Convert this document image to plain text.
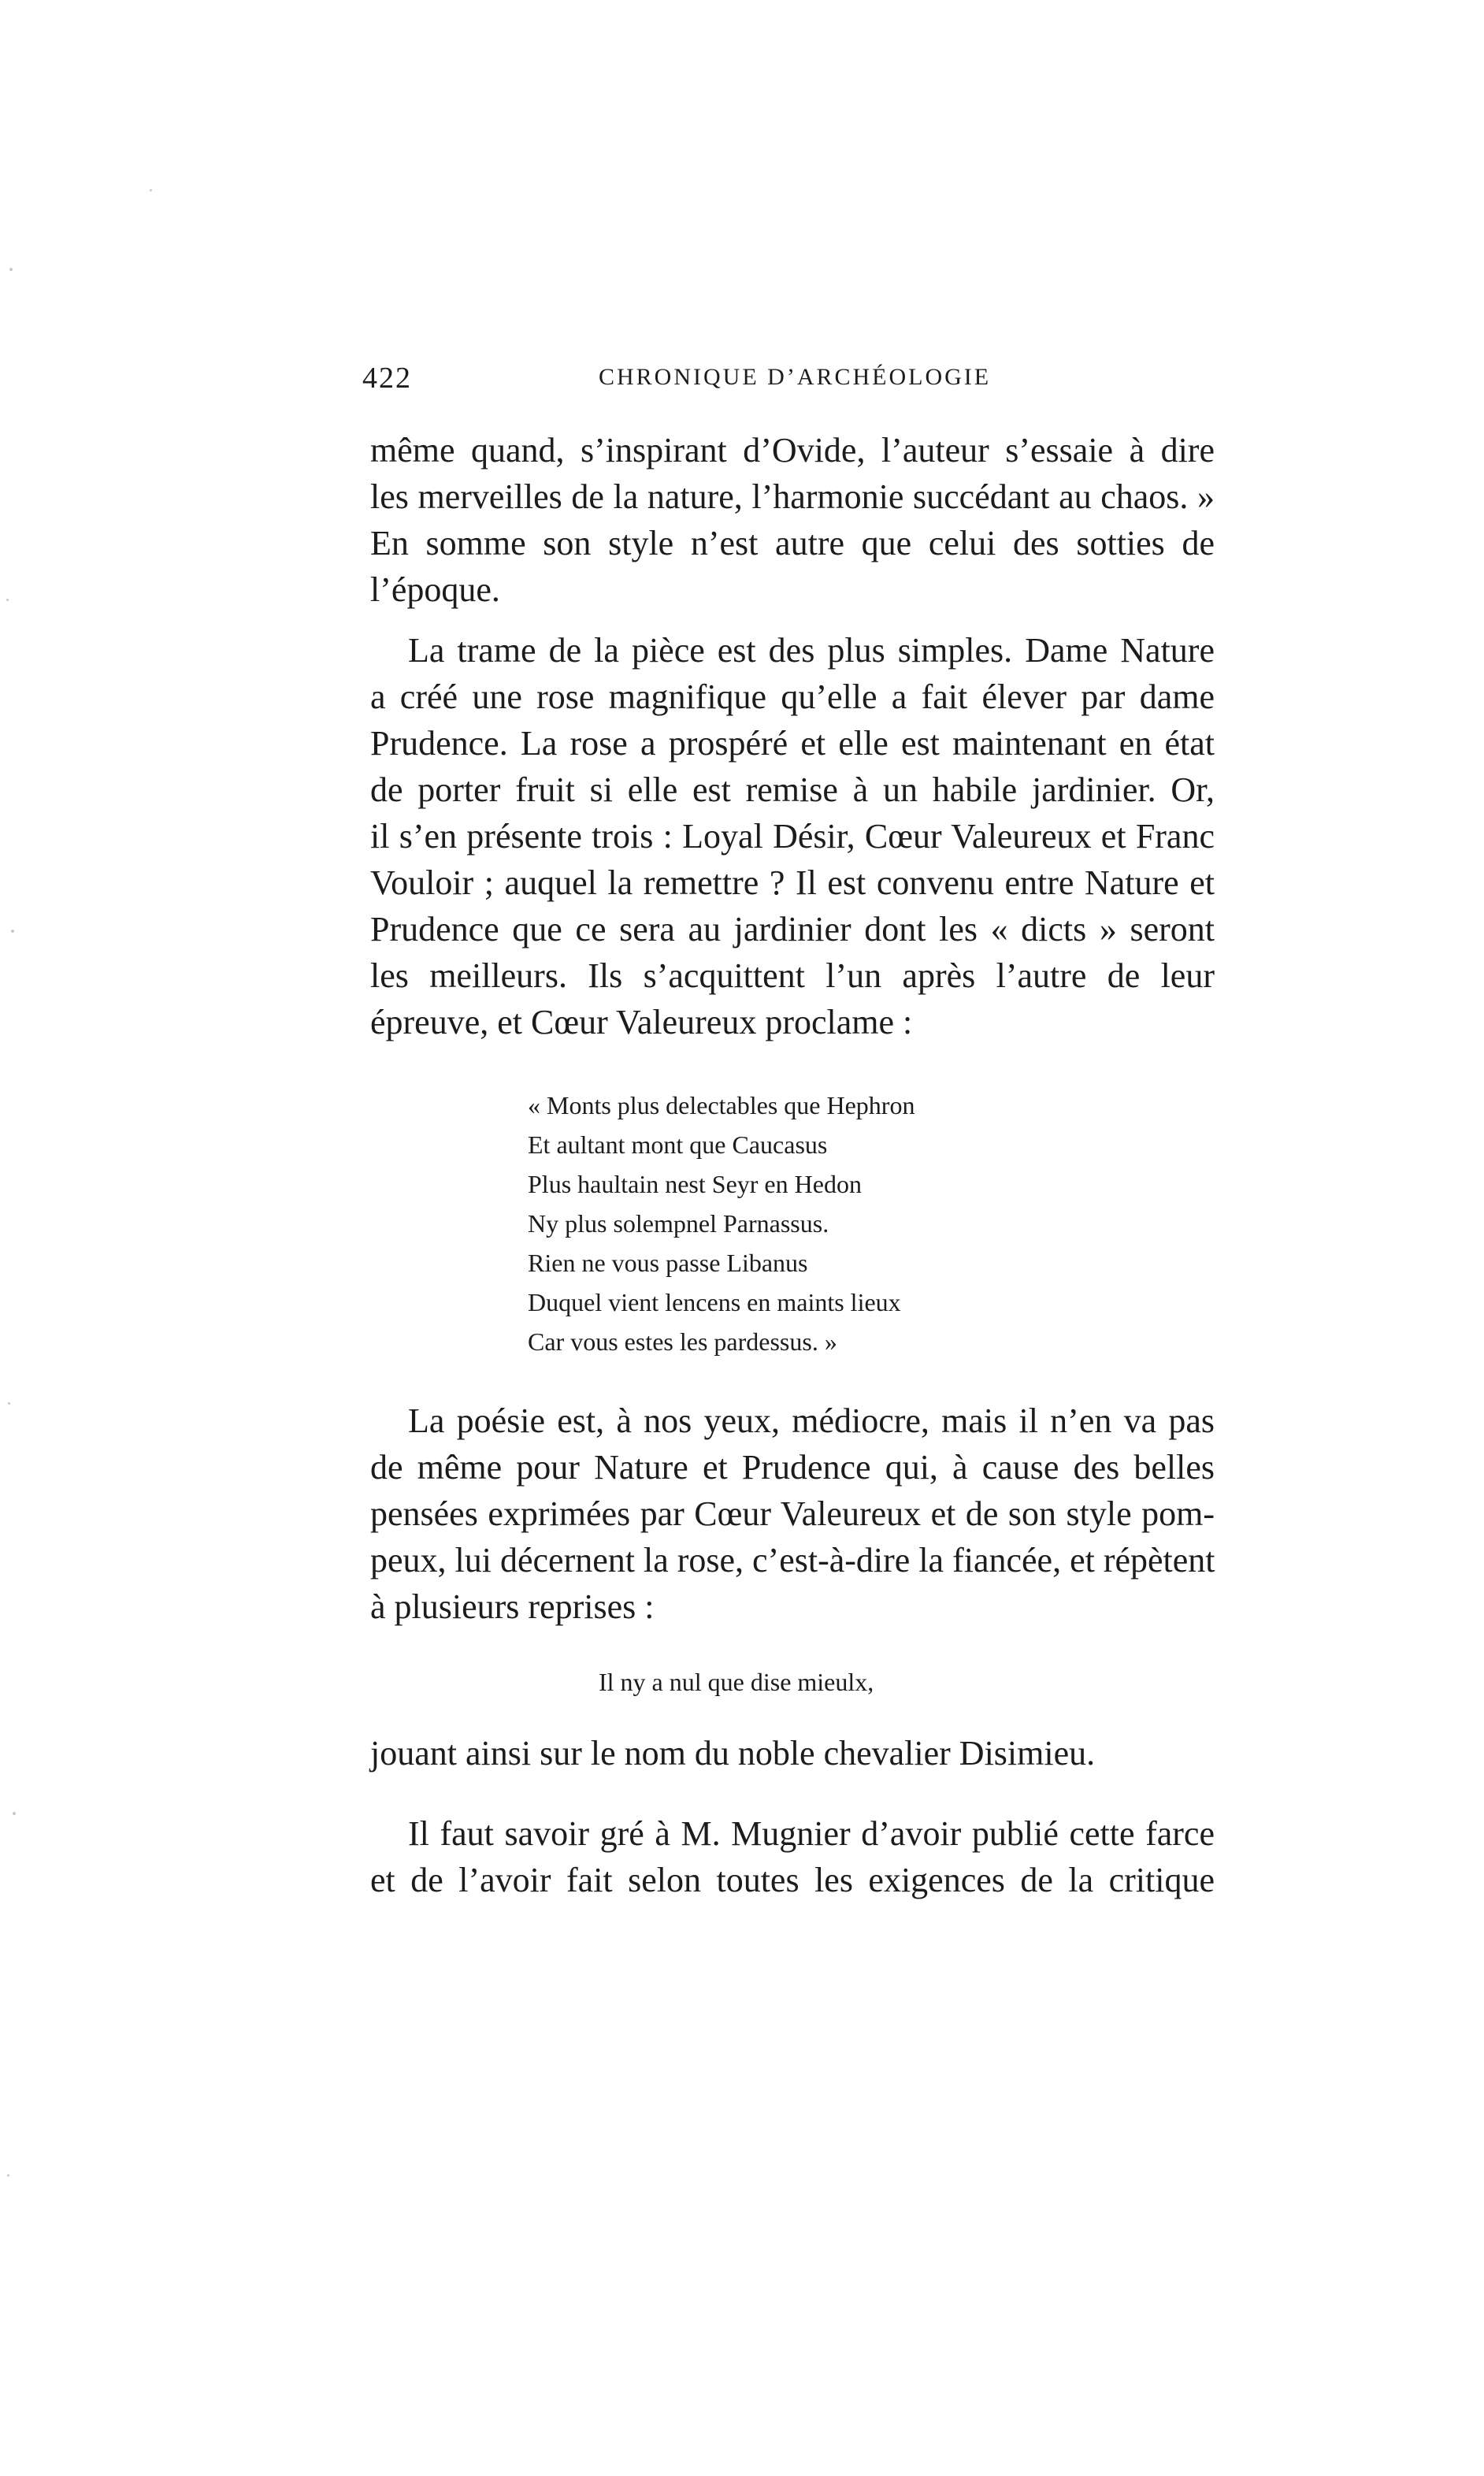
422	CHRONIQUE D’ARCHÉOLOGIE
même quand, s’inspirant d’Ovide, l’auteur s’essaie à dire
les merveilles de la nature, l’harmonie succédant au chaos. »
En somme son style n’est autre que celui des sotties de
l’époque.
La trame de la pièce est des plus simples. Dame Nature
a créé une rose magnifique qu’elle a fait élever par dame
Prudence. La rose a prospéré et elle est maintenant en état
de porter fruit si elle est remise à un habile jardinier. Or,
il s’en présente trois : Loyal Désir, Cœur Valeureux et Franc
Vouloir ; auquel la remettre ? Il est convenu entre Nature et
Prudence que ce sera au jardinier dont les « dicts » seront
les meilleurs. Ils s’acquittent l’un après l’autre de leur
épreuve, et Cœur Valeureux proclame :
« Monts plus delectables que Hephron
Et aultant mont que Caucasus
Plus haultain nest Seyr en Hedon
Ny plus solempnel Parnassus.
Rien ne vous passe Libanus
Duquel vient lencens en maints lieux
Car vous estes les pardessus. »
La poésie est, à nos yeux, médiocre, mais il n’en va pas
de même pour Nature et Prudence qui, à cause des belles
pensées exprimées par Cœur Valeureux et de son style pom-
peux, lui décernent la rose, c’est-à-dire la fiancée, et répètent
à plusieurs reprises :
Il ny a nul que dise mieulx,
jouant ainsi sur le nom du noble chevalier Disimieu.
Il faut savoir gré à M. Mugnier d’avoir publié cette farce
et de l’avoir fait selon toutes les exigences de la critique
